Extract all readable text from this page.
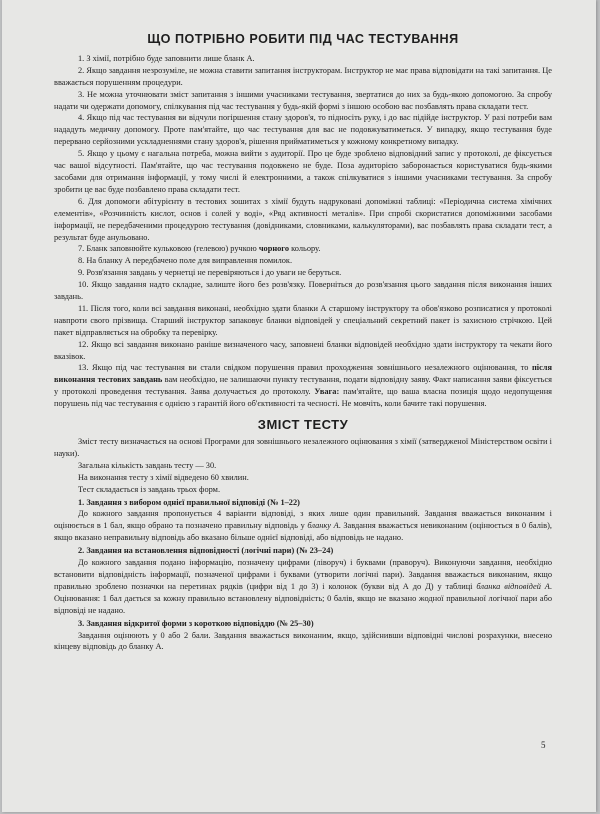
ЩО ПОТРІБНО РОБИТИ ПІД ЧАС ТЕСТУВАННЯ

1. З хімії, потрібно буде заповнити лише бланк А.

2. Якщо завдання незрозуміле, не можна ставити запитання інструкторам. Інструктор не має права відповідати на такі запитання. Це вважається порушенням процедури.

3. Не можна уточнювати зміст запитання з іншими учасниками тестування, звертатися до них за будь-якою допомогою. За спробу надати чи одержати допомогу, спілкування під час тестування у будь-якій формі з іншою особою вас позбавлять права складати тест.

4. Якщо під час тестування ви відчули погіршення стану здоров'я, то підносіть руку, і до вас підійде інструктор. У разі потреби вам нададуть медичну допомогу. Проте пам'ятайте, що час тестування для вас не подовжуватиметься. У випадку, якщо тестування буде перервано серйозними ускладненнями стану здоров'я, рішення прийматиметься у кожному конкретному випадку.

5. Якщо у цьому є нагальна потреба, можна вийти з аудиторії. Про це буде зроблено відповідний запис у протоколі, де фіксується час вашої відсутності. Пам'ятайте, що час тестування подовжено не буде. Поза аудиторією заборонається користуватися будь-якими засобами для отримання інформації, у тому числі й електронними, а також спілкуватися з іншими учасниками тестування. За спробу зробити це вас буде позбавлено права складати тест.

6. Для допомоги абітурієнту в тестових зошитах з хімії будуть надруковані допоміжні таблиці: «Періодична система хімічних елементів», «Розчинність кислот, основ і солей у воді», «Ряд активності металів». При спробі скористатися допоміжними засобами інформації, не передбаченими процедурою тестування (довідниками, словниками, калькуляторами), вас позбавлять права складати тест, а результат буде анульовано.

7. Бланк заповнюйте кульковою (гелевою) ручкою чорного кольору.

8. На бланку А передбачено поле для виправлення помилок.

9. Розв'язання завдань у чернетці не перевіряються і до уваги не беруться.

10. Якщо завдання надто складне, залиште його без розв'язку. Поверніться до розв'язання цього завдання після виконання інших завдань.

11. Після того, коли всі завдання виконані, необхідно здати бланки А старшому інструктору та обов'язково розписатися у протоколі навпроти свого прізвища. Старший інструктор запаковує бланки відповідей у спеціальний секретний пакет із захисною стрічкою. Цей пакет відправляється на обробку та перевірку.

12. Якщо всі завдання виконано раніше визначеного часу, заповнені бланки відповідей необхідно здати інструктору та чекати його вказівок.

13. Якщо під час тестування ви стали свідком порушення правил проходження зовнішнього незалежного оцінювання, то після виконання тестових завдань вам необхідно, не залишаючи пункту тестування, подати відповідну заяву. Факт написання заяви фіксується у протоколі проведення тестування. Заява долучається до протоколу. Увага: пам'ятайте, що ваша власна позиція щодо недопущення порушень під час тестування є однією з гарантій його об'єктивності та чесності. Не мовчіть, коли бачите такі порушення.

ЗМІСТ ТЕСТУ

Зміст тесту визначається на основі Програми для зовнішнього незалежного оцінювання з хімії (затвердженої Міністерством освіти і науки).

Загальна кількість завдань тесту — 30.

На виконання тесту з хімії відведено 60 хвилин.

Тест складається із завдань трьох форм.

1. Завдання з вибором однієї правильної відповіді (№ 1–22)

До кожного завдання пропонується 4 варіанти відповіді, з яких лише один правильний. Завдання вважається виконаним і оцінюється в 1 бал, якщо обрано та позначено правильну відповідь у бланку А. Завдання вважається невиконаним (оцінюється в 0 балів), якщо вказано неправильну відповідь або вказано більше однієї відповіді, або відповідь не надано.

2. Завдання на встановлення відповідності (логічні пари) (№ 23–24)

До кожного завдання подано інформацію, позначену цифрами (ліворуч) і буквами (праворуч). Виконуючи завдання, необхідно встановити відповідність інформації, позначеної цифрами і буквами (утворити логічні пари). Завдання вважається виконаним, якщо правильно зроблено позначки на перетинах рядків (цифри від 1 до 3) і колонок (букви від А до Д) у таблиці бланка відповідей А. Оцінювання: 1 бал дається за кожну правильно встановлену відповідність; 0 балів, якщо не вказано жодної правильної логічної пари або відповіді не надано.

3. Завдання відкритої форми з короткою відповіддю (№ 25–30)

Завдання оцінюють у 0 або 2 бали. Завдання вважається виконаним, якщо, здійснивши відповідні числові розрахунки, внесено кінцеву відповідь до бланку А.

5
